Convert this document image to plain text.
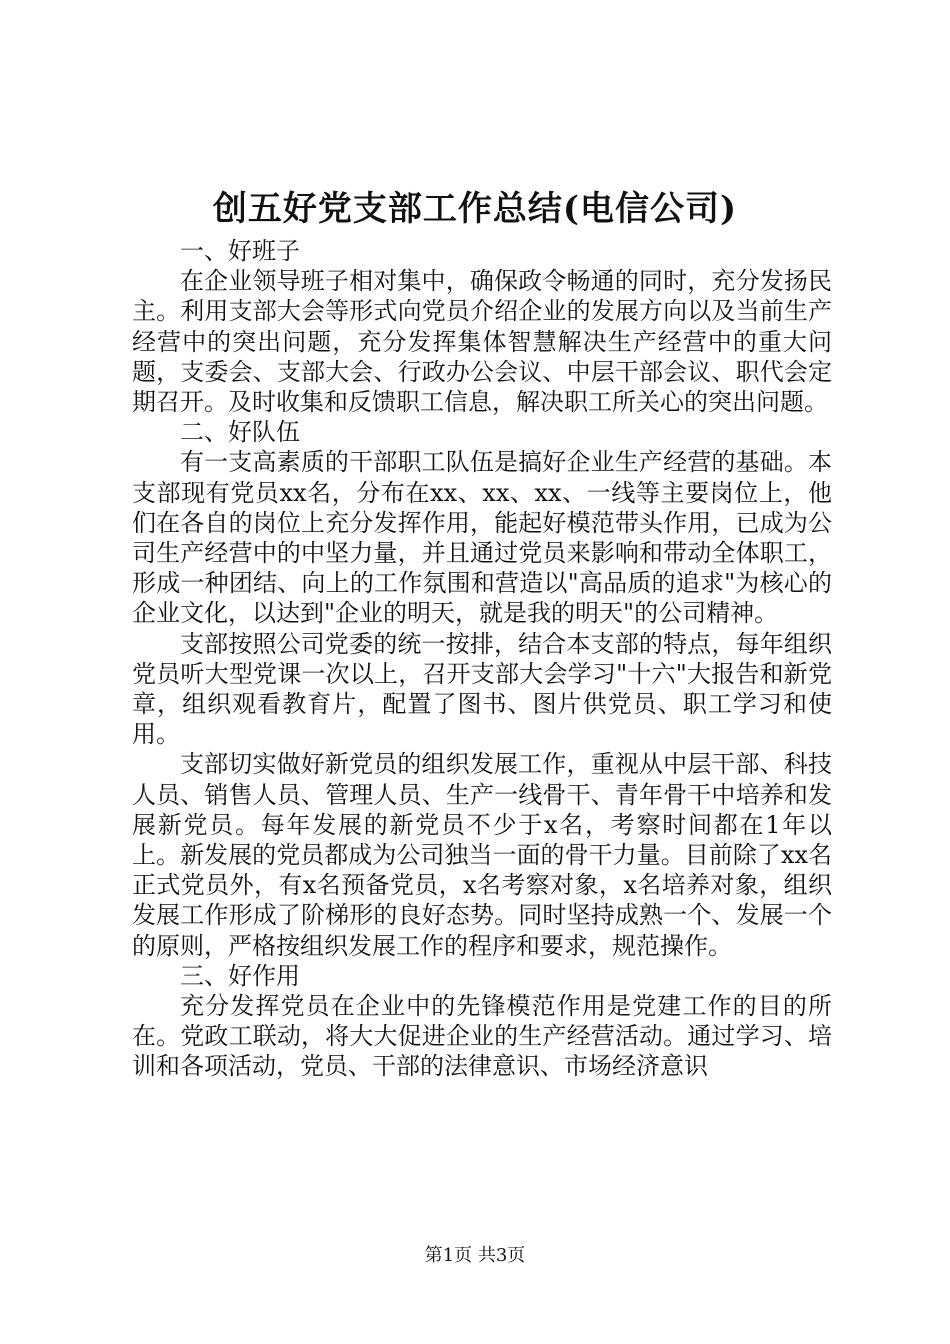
创五好党支部工作总结(电信公司)

一、好班子

在企业领导班子相对集中，确保政令畅通的同时，充分发扬民主。利用支部大会等形式向党员介绍企业的发展方向以及当前生产经营中的突出问题，充分发挥集体智慧解决生产经营中的重大问题，支委会、支部大会、行政办公会议、中层干部会议、职代会定期召开。及时收集和反馈职工信息，解决职工所关心的突出问题。

二、好队伍

有一支高素质的干部职工队伍是搞好企业生产经营的基础。本支部现有党员xx名，分布在xx、xx、xx、一线等主要岗位上，他们在各自的岗位上充分发挥作用，能起好模范带头作用，已成为公司生产经营中的中坚力量，并且通过党员来影响和带动全体职工，形成一种团结、向上的工作氛围和营造以"高品质的追求"为核心的企业文化，以达到"企业的明天，就是我的明天"的公司精神。

支部按照公司党委的统一按排，结合本支部的特点，每年组织党员听大型党课一次以上，召开支部大会学习"十六"大报告和新党章，组织观看教育片，配置了图书、图片供党员、职工学习和使用。

支部切实做好新党员的组织发展工作，重视从中层干部、科技人员、销售人员、管理人员、生产一线骨干、青年骨干中培养和发展新党员。每年发展的新党员不少于x名，考察时间都在1年以上。新发展的党员都成为公司独当一面的骨干力量。目前除了xx名正式党员外，有x名预备党员，x名考察对象，x名培养对象，组织发展工作形成了阶梯形的良好态势。同时坚持成熟一个、发展一个的原则，严格按组织发展工作的程序和要求，规范操作。

三、好作用

充分发挥党员在企业中的先锋模范作用是党建工作的目的所在。党政工联动，将大大促进企业的生产经营活动。通过学习、培训和各项活动，党员、干部的法律意识、市场经济意识

第1页 共3页
